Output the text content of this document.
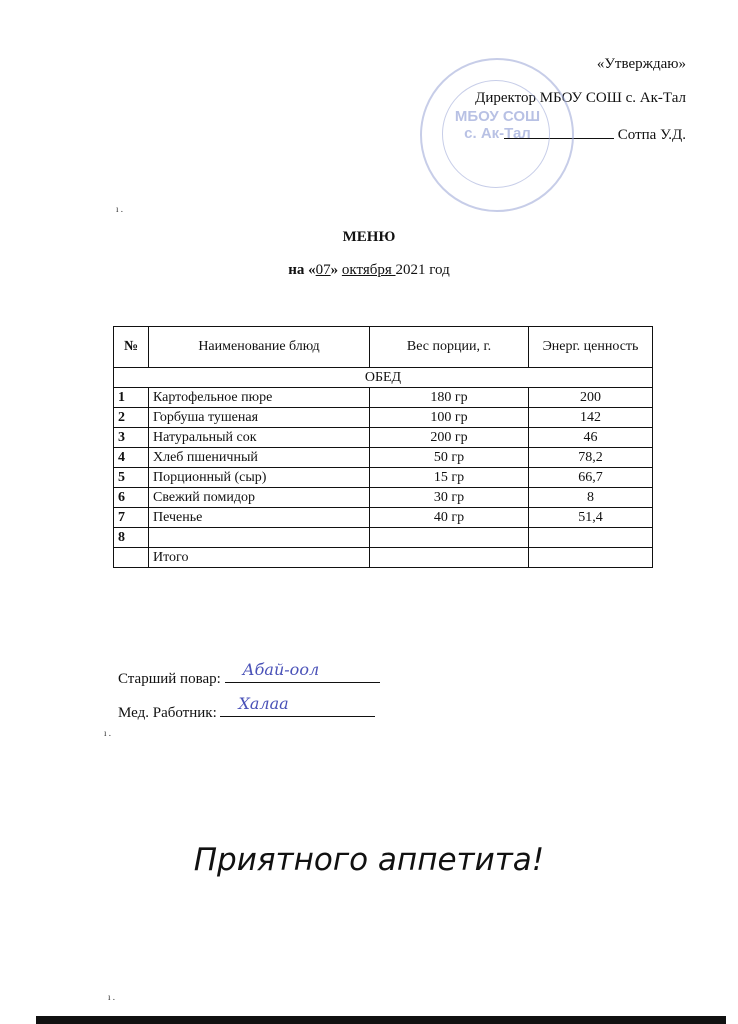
«Утверждаю»
Директор МБОУ СОШ с. Ак-Тал
Сотпа У.Д.
МБОУ СОШ
с. Ак-Тал
ı .
МЕНЮ
на «07» октября 2021 год
№	Наименование блюд	Вес порции, г.	Энерг. ценность
ОБЕД			
1	Картофельное пюре	180 гр	200
2	Горбуша тушеная	100 гр	142
3	Натуральный сок	200 гр	46
4	Хлеб пшеничный	50 гр	78,2
5	Порционный (сыр)	15 гр	66,7
6	Свежий помидор	30 гр	8
7	Печенье	40 гр	51,4
8			
	Итого		
Старший повар: Абай-оол
Мед. Работник: Халаа
ı .
Приятного аппетита!
ı .
